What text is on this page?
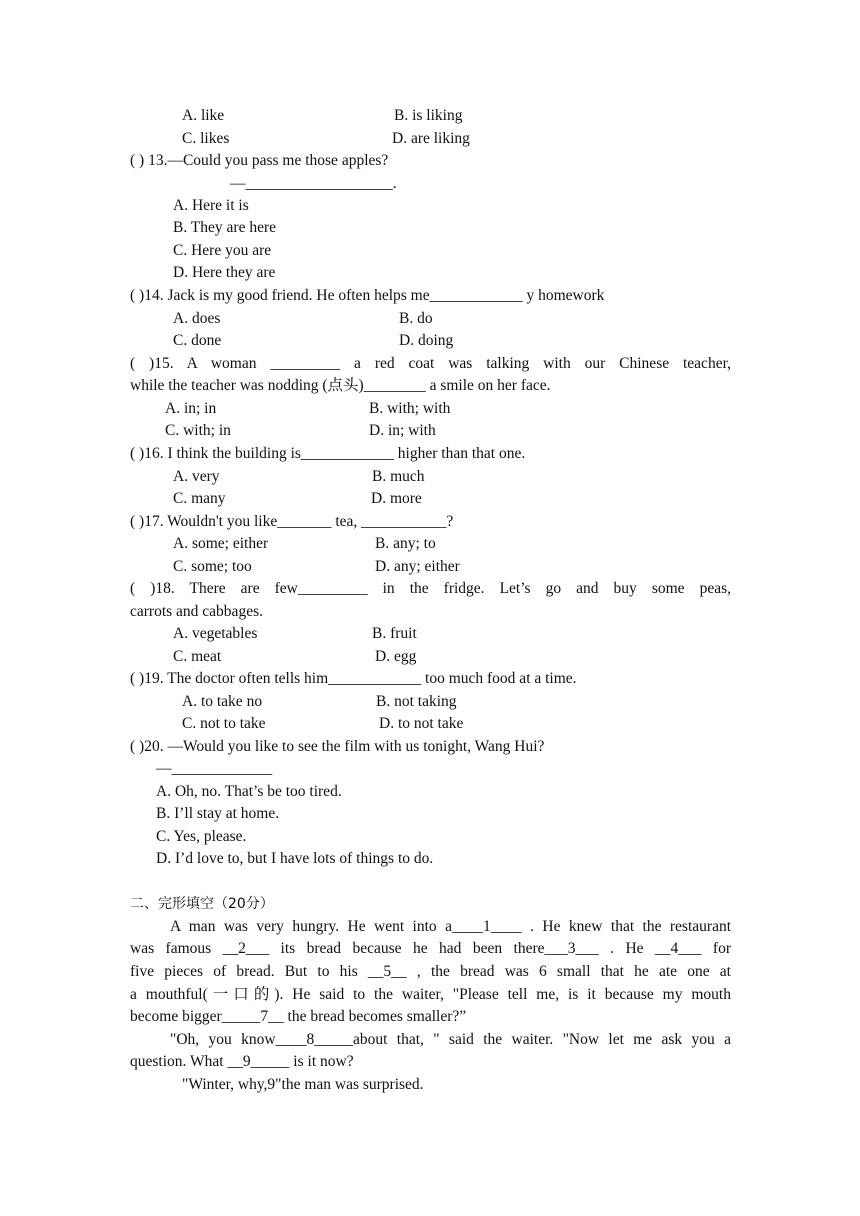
A. like	B. is liking
C. likes	D. are liking
( ) 13.—Could you pass me those apples?
—___________________.
A. Here it is
B. They are here
C. Here you are
D. Here they are
( )14. Jack is my good friend. He often helps me____________ y homework
A. does	B. do
C. done	D. doing
( )15. A woman _________ a red coat was talking with our Chinese teacher,
while the teacher was nodding (点头)________ a smile on her face.
A. in; in	B. with; with
C. with; in	D. in; with
( )16. I think the building is____________ higher than that one.
A. very	B. much
C. many	D. more
( )17. Wouldn't you like_______ tea, ___________?
A. some; either	B. any; to
C. some; too	D. any; either
( )18. There are few_________ in the fridge. Let’s go and buy some peas,
carrots and cabbages.
A. vegetables	B. fruit
C. meat	D. egg
( )19. The doctor often tells him____________ too much food at a time.
A. to take no	B. not taking
C. not to take	D. to not take
( )20. —Would you like to see the film with us tonight, Wang Hui?
—_____________
A. Oh, no. That’s be too tired.
B. I’ll stay at home.
C. Yes, please.
D. I’d love to, but I have lots of things to do.
二、完形填空（20分）
A man was very hungry. He went into a____1____ . He knew that the restaurant
was famous __2___ its bread because he had been there___3___ . He __4___ for
five pieces of bread. But to his __5__ , the bread was 6 small that he ate one at
a mouthful(一口的). He said to the waiter, "Please tell me, is it because my mouth
become bigger_____7__ the bread becomes smaller?”
"Oh, you know____8_____about that, " said the waiter. "Now let me ask you a
question. What __9_____ is it now?
"Winter, why,9"the man was surprised.
